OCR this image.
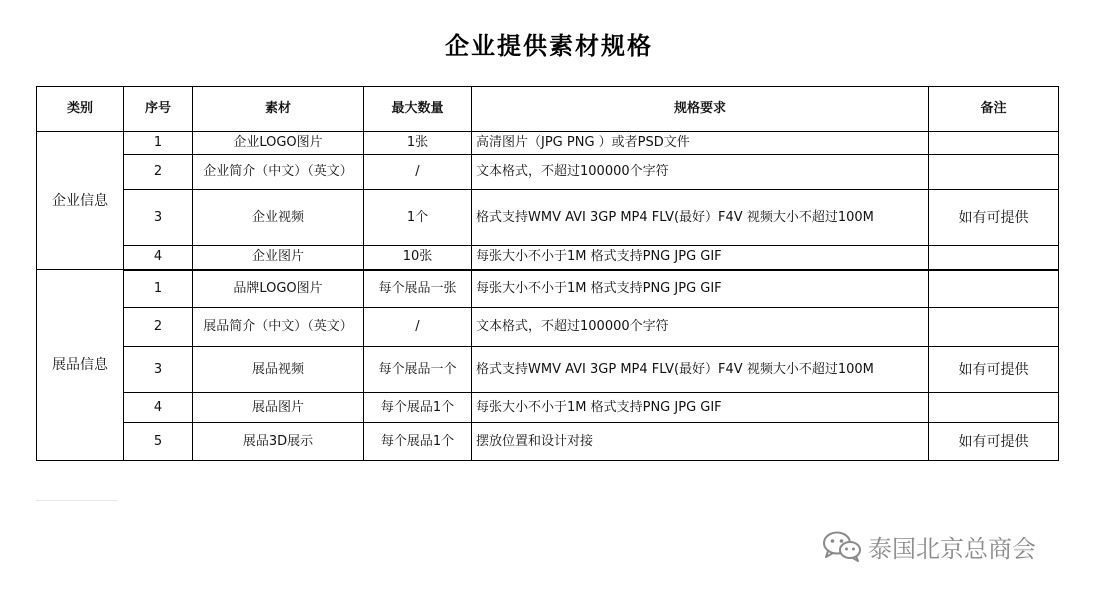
企业提供素材规格
类别	序号	素材	最大数量	规格要求	备注
企业信息	1	企业LOGO图片	1张	高清图片（JPG PNG ）或者PSD文件	
	2	企业简介（中文）（英文）	/	文本格式，不超过100000个字符	
	3	企业视频	1个	格式支持WMV AVI 3GP MP4 FLV(最好）F4V 视频大小不超过100M	如有可提供
	4	企业图片	10张	每张大小不小于1M 格式支持PNG JPG GIF	
展品信息	1	品牌LOGO图片	每个展品一张	每张大小不小于1M 格式支持PNG JPG GIF	
	2	展品简介（中文）（英文）	/	文本格式，不超过100000个字符	
	3	展品视频	每个展品一个	格式支持WMV AVI 3GP MP4 FLV(最好）F4V 视频大小不超过100M	如有可提供
	4	展品图片	每个展品1个	每张大小不小于1M 格式支持PNG JPG GIF	
	5	展品3D展示	每个展品1个	摆放位置和设计对接	如有可提供
泰国北京总商会
